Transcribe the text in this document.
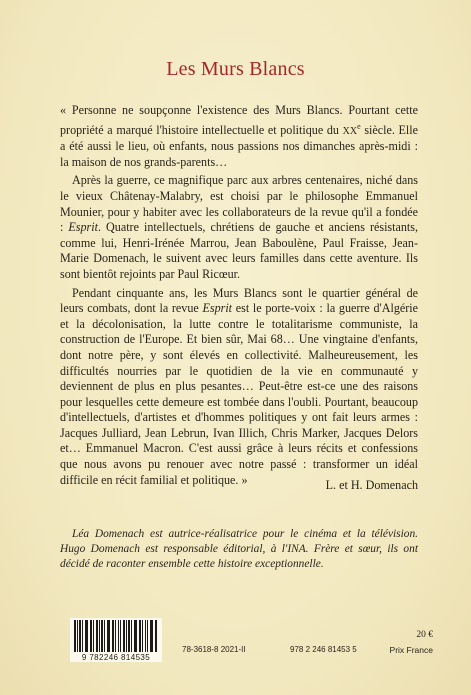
Les Murs Blancs

« Personne ne soupçonne l'existence des Murs Blancs. Pourtant cette propriété a marqué l'histoire intellectuelle et politique du XXe siècle. Elle a été aussi le lieu, où enfants, nous passions nos dimanches après-midi : la maison de nos grands-parents…

Après la guerre, ce magnifique parc aux arbres centenaires, niché dans le vieux Châtenay-Malabry, est choisi par le philosophe Emmanuel Mounier, pour y habiter avec les collaborateurs de la revue qu'il a fondée : Esprit. Quatre intellectuels, chrétiens de gauche et anciens résistants, comme lui, Henri-Irénée Marrou, Jean Baboulène, Paul Fraisse, Jean-Marie Domenach, le suivent avec leurs familles dans cette aventure. Ils sont bientôt rejoints par Paul Ricœur.

Pendant cinquante ans, les Murs Blancs sont le quartier général de leurs combats, dont la revue Esprit est le porte-voix : la guerre d'Algérie et la décolonisation, la lutte contre le totalitarisme communiste, la construction de l'Europe. Et bien sûr, Mai 68… Une vingtaine d'enfants, dont notre père, y sont élevés en collectivité. Malheureusement, les difficultés nourries par le quotidien de la vie en communauté y deviennent de plus en plus pesantes… Peut-être est-ce une des raisons pour lesquelles cette demeure est tombée dans l'oubli. Pourtant, beaucoup d'intellectuels, d'artistes et d'hommes politiques y ont fait leurs armes : Jacques Julliard, Jean Lebrun, Ivan Illich, Chris Marker, Jacques Delors et… Emmanuel Macron. C'est aussi grâce à leurs récits et confessions que nous avons pu renouer avec notre passé : transformer un idéal difficile en récit familial et politique. »	L. et H. Domenach

Léa Domenach est autrice-réalisatrice pour le cinéma et la télévision. Hugo Domenach est responsable éditorial, à l'INA. Frère et sœur, ils ont décidé de raconter ensemble cette histoire exceptionnelle.

9 782246 814535
78-3618-8 2021-II	978 2 246 81453 5
20 €
Prix France
